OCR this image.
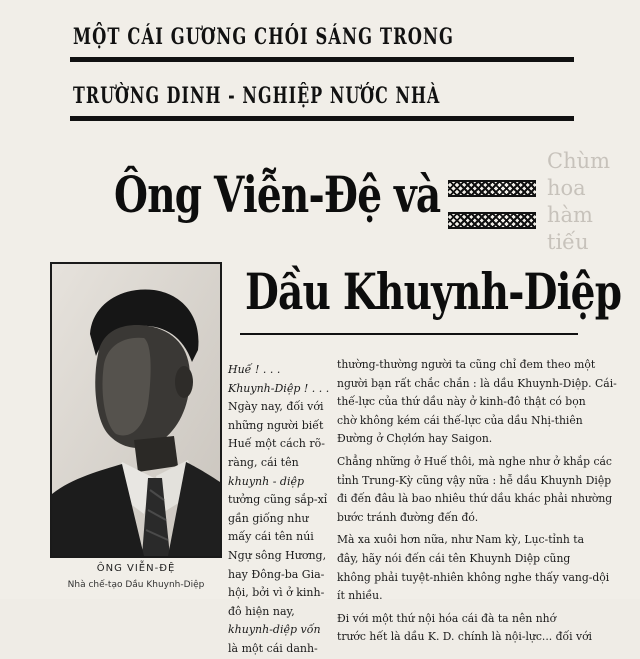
Chùm
hoa
hàm
tiếu
MỘT CÁI GƯƠNG CHÓI SÁNG TRONG
TRƯỜNG DINH - NGHIỆP NƯỚC NHÀ
Ông Viễn-Đệ và
Dầu Khuynh-Diệp
ÔNG VIỄN-ĐỆ
Nhà chế-tạo Dầu Khuynh-Diệp
Huế ! . . .
Khuynh-Diệp ! . . .
Ngày nay, đối với
những người biết
Huế một cách rõ-
ràng, cái tên
khuynh - diệp
tưởng cũng sắp-xỉ
gần giống như
mấy cái tên núi
Ngự sông Hương,
hay Đông-ba Gia-
hội, bởi vì ở kinh-
đô hiện nay,
khuynh-diệp vốn
là một cái danh-
thường-thường người ta cũng chỉ đem theo một
người bạn rất chắc chắn : là dầu Khuynh-Diệp. Cái-
thế-lực của thứ dầu này ở kinh-đô thật có bọn
chờ không kém cái thế-lực của dầu Nhị-thiên
Đường ở Chợlớn hay Saigon.
Chẳng những ở Huế thôi, mà nghe như ở khắp các
tỉnh Trung-Kỳ cũng vậy nữa : hễ dầu Khuynh Diệp
đi đến đâu là bao nhiêu thứ dầu khác phải nhường
bước tránh đường đến đó.
Mà xa xuôi hơn nữa, như Nam kỳ, Lục-tỉnh ta
đây, hãy nói đến cái tên Khuynh Diệp cũng
không phải tuyệt-nhiên không nghe thấy vang-dội
ít nhiều.
Đi với một thứ nội hóa cái đà ta nên nhớ
trước hết là dầu K. D. chính là nội-lực... đối với
